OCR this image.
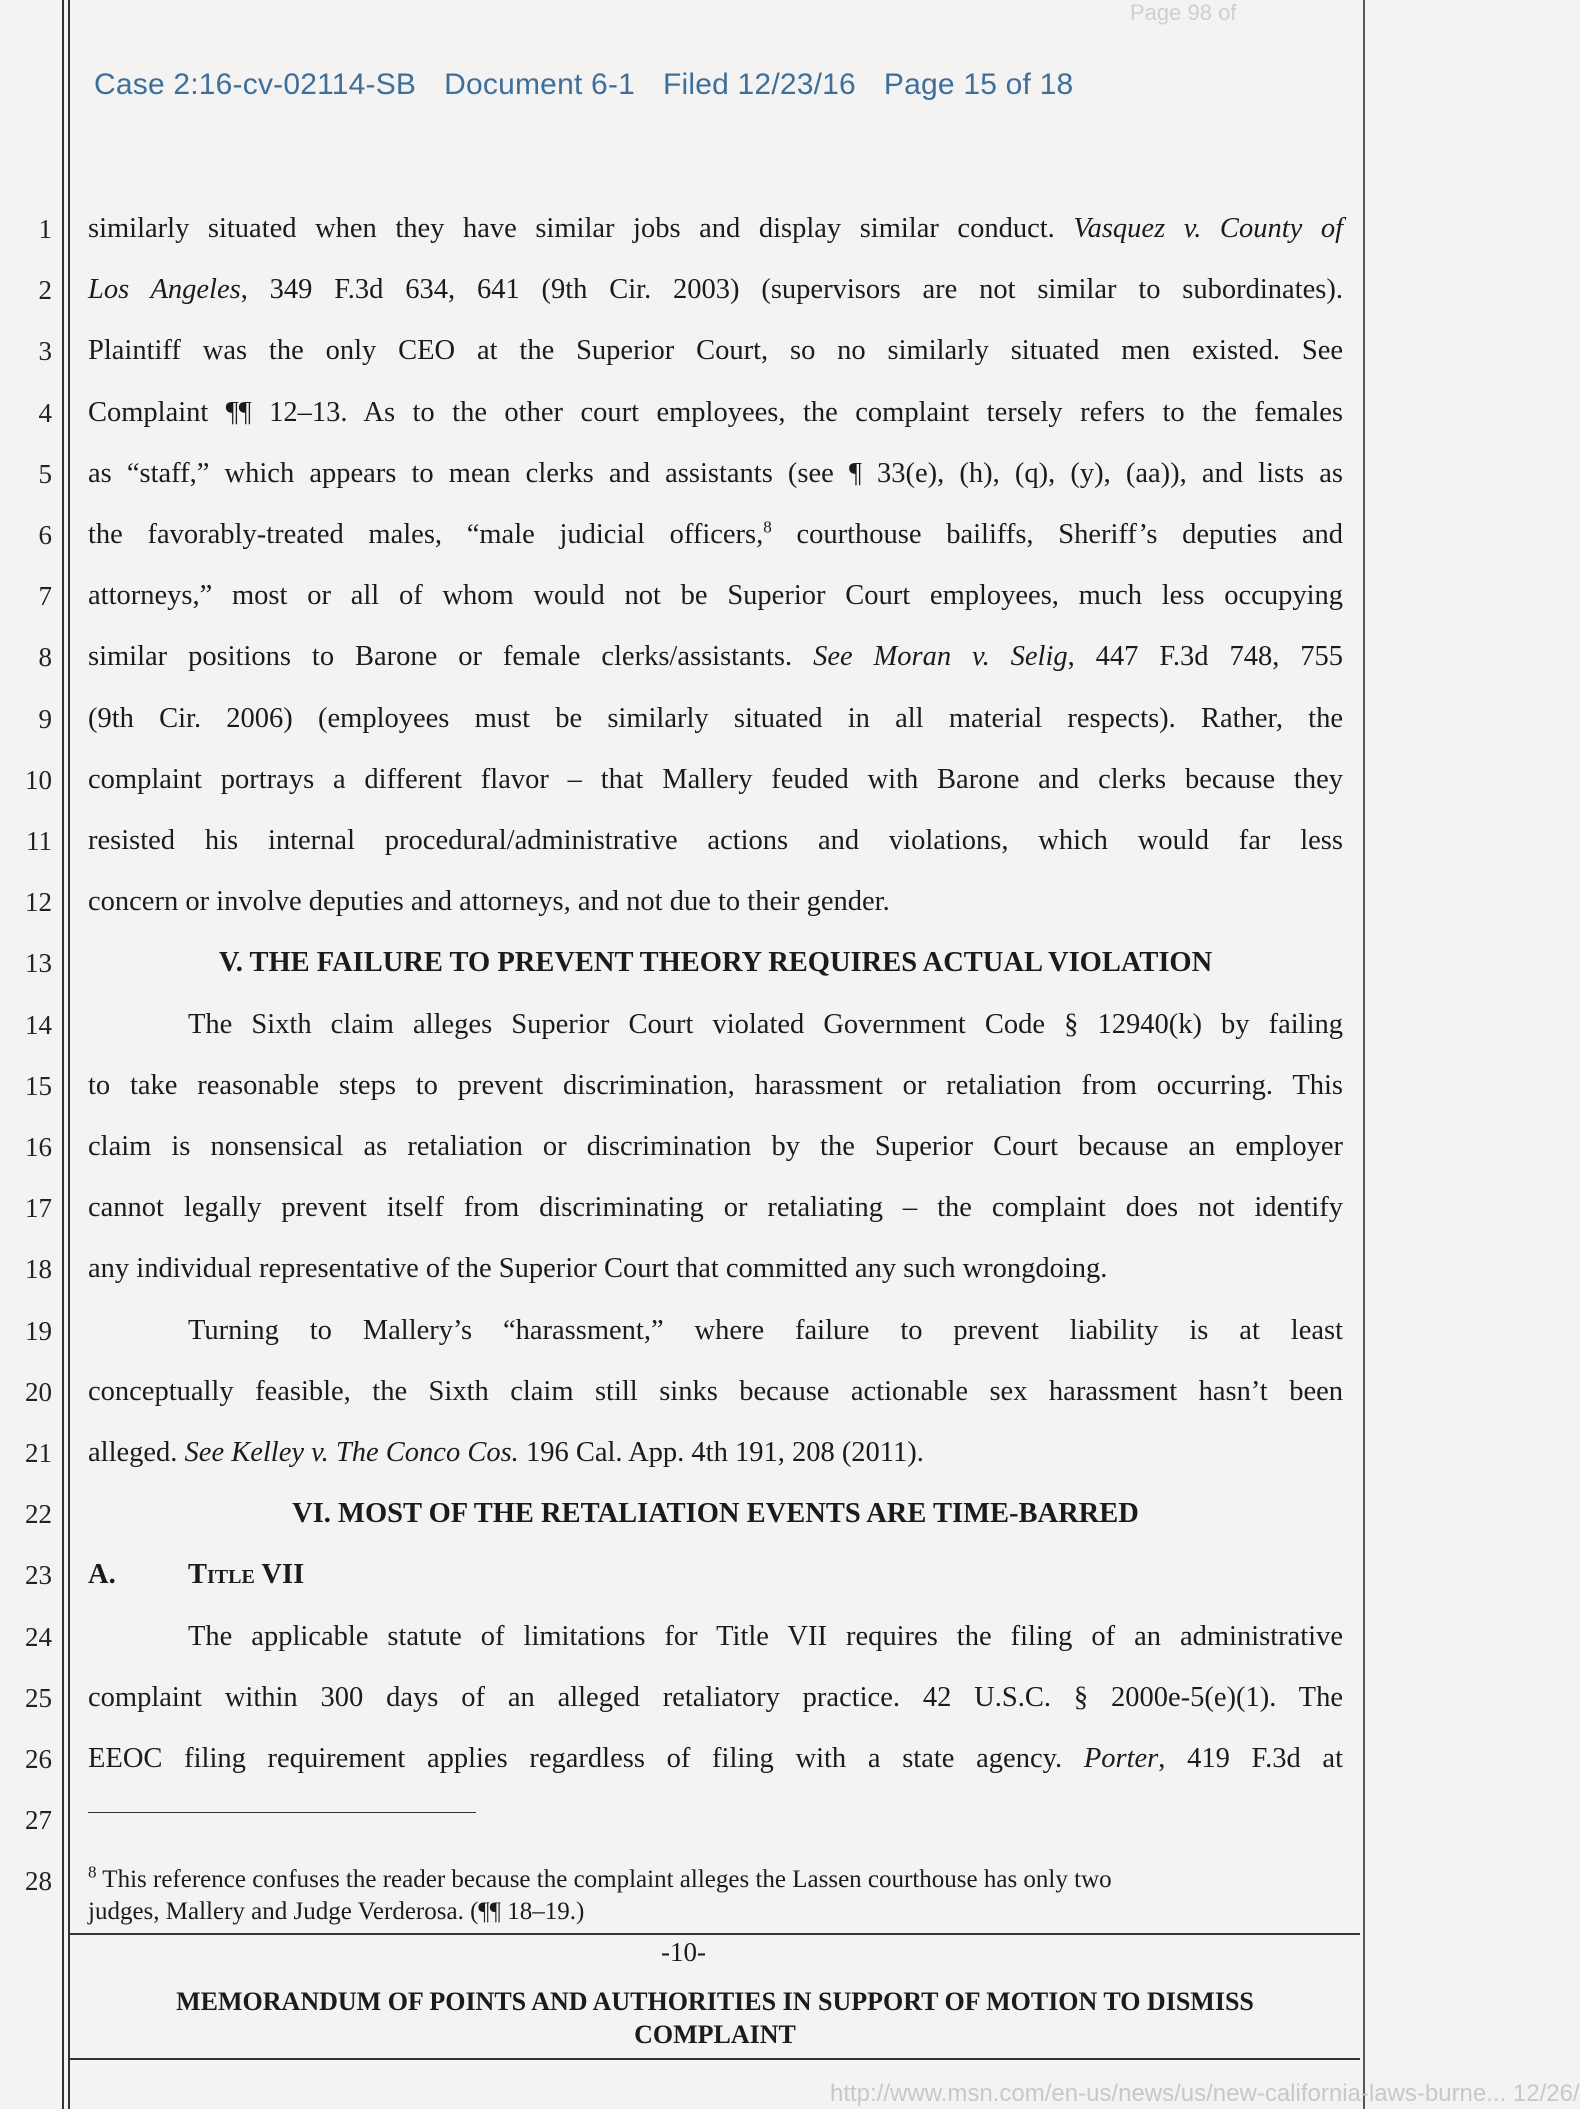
Page 98 of
Case 2:16-cv-02114-SB Document 6-1 Filed 12/23/16 Page 15 of 18
1 similarly situated when they have similar jobs and display similar conduct. Vasquez v. County of
2 Los Angeles, 349 F.3d 634, 641 (9th Cir. 2003) (supervisors are not similar to subordinates).
3 Plaintiff was the only CEO at the Superior Court, so no similarly situated men existed. See
4 Complaint ¶¶ 12–13. As to the other court employees, the complaint tersely refers to the females
5 as “staff,” which appears to mean clerks and assistants (see ¶ 33(e), (h), (q), (y), (aa)), and lists as
6 the favorably-treated males, “male judicial officers,$^8$ courthouse bailiffs, Sheriff’s deputies and
7 attorneys,” most or all of whom would not be Superior Court employees, much less occupying
8 similar positions to Barone or female clerks/assistants. See Moran v. Selig, 447 F.3d 748, 755
9 (9th Cir. 2006) (employees must be similarly situated in all material respects). Rather, the
10 complaint portrays a different flavor – that Mallery feuded with Barone and clerks because they
11 resisted his internal procedural/administrative actions and violations, which would far less
12 concern or involve deputies and attorneys, and not due to their gender.
13	V. THE FAILURE TO PREVENT THEORY REQUIRES ACTUAL VIOLATION
14	The Sixth claim alleges Superior Court violated Government Code § 12940(k) by failing
15 to take reasonable steps to prevent discrimination, harassment or retaliation from occurring. This
16 claim is nonsensical as retaliation or discrimination by the Superior Court because an employer
17 cannot legally prevent itself from discriminating or retaliating – the complaint does not identify
18 any individual representative of the Superior Court that committed any such wrongdoing.
19	Turning to Mallery’s “harassment,” where failure to prevent liability is at least
20 conceptually feasible, the Sixth claim still sinks because actionable sex harassment hasn’t been
21 alleged. See Kelley v. The Conco Cos. 196 Cal. App. 4th 191, 208 (2011).
22	VI. MOST OF THE RETALIATION EVENTS ARE TIME-BARRED
23 A.	Title VII
24	The applicable statute of limitations for Title VII requires the filing of an administrative
25 complaint within 300 days of an alleged retaliatory practice. 42 U.S.C. § 2000e-5(e)(1). The
26 EEOC filing requirement applies regardless of filing with a state agency. Porter, 419 F.3d at
27
28 $^8$ This reference confuses the reader because the complaint alleges the Lassen courthouse has only two
judges, Mallery and Judge Verderosa. (¶¶ 18–19.)
-10-
MEMORANDUM OF POINTS AND AUTHORITIES IN SUPPORT OF MOTION TO DISMISS
COMPLAINT
http://www.msn.com/en-us/news/us/new-california-laws-burne... 12/26/
